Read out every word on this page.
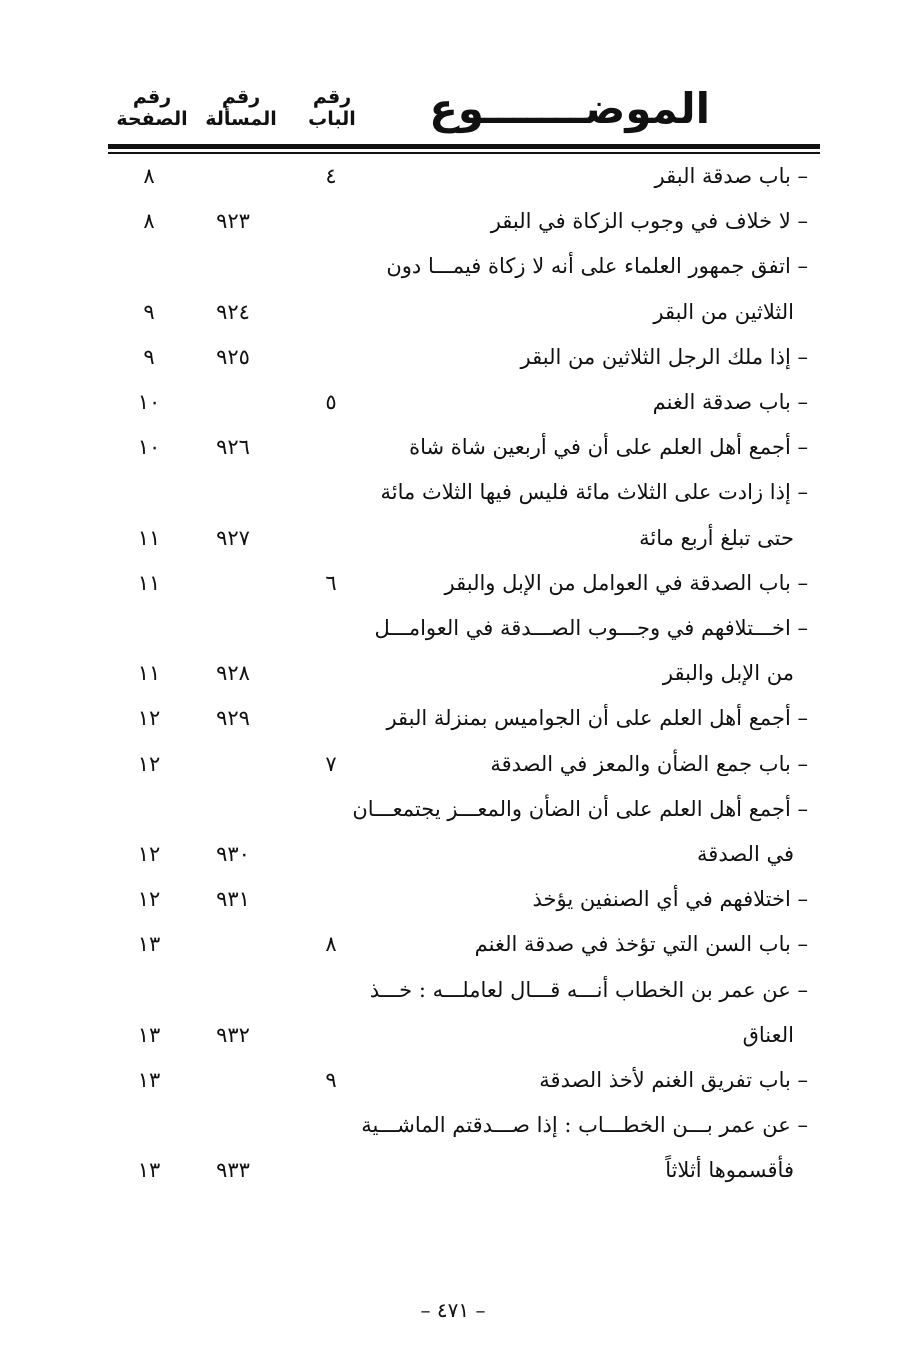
الموضـــــــوع
رقم
الباب
رقم
المسألة
رقم
الصفحة
– باب صدقة البقر
٤
٨
– لا خلاف في وجوب الزكاة في البقر
٩٢٣
٨
– اتفق جمهور العلماء على أنه لا زكاة فيمـــا دون
الثلاثين من البقر
٩٢٤
٩
– إذا ملك الرجل الثلاثين من البقر
٩٢٥
٩
– باب صدقة الغنم
٥
١٠
– أجمع أهل العلم على أن في أربعين شاة شاة
٩٢٦
١٠
– إذا زادت على الثلاث مائة فليس فيها الثلاث مائة
حتى تبلغ أربع مائة
٩٢٧
١١
– باب الصدقة في العوامل من الإبل والبقر
٦
١١
– اخـــتلافهم في وجـــوب الصـــدقة في العوامـــل
من الإبل والبقر
٩٢٨
١١
– أجمع أهل العلم على أن الجواميس بمنزلة البقر
٩٢٩
١٢
– باب جمع الضأن والمعز في الصدقة
٧
١٢
– أجمع أهل العلم على أن الضأن والمعـــز يجتمعـــان
في الصدقة
٩٣٠
١٢
– اختلافهم في أي الصنفين يؤخذ
٩٣١
١٢
– باب السن التي تؤخذ في صدقة الغنم
٨
١٣
– عن عمر بن الخطاب أنـــه قـــال لعاملـــه : خـــذ
العناق
٩٣٢
١٣
– باب تفريق الغنم لأخذ الصدقة
٩
١٣
– عن عمر بـــن الخطـــاب : إذا صـــدقتم الماشـــية
فأقسموها أثلاثاً
٩٣٣
١٣
– ٤٧١ –
